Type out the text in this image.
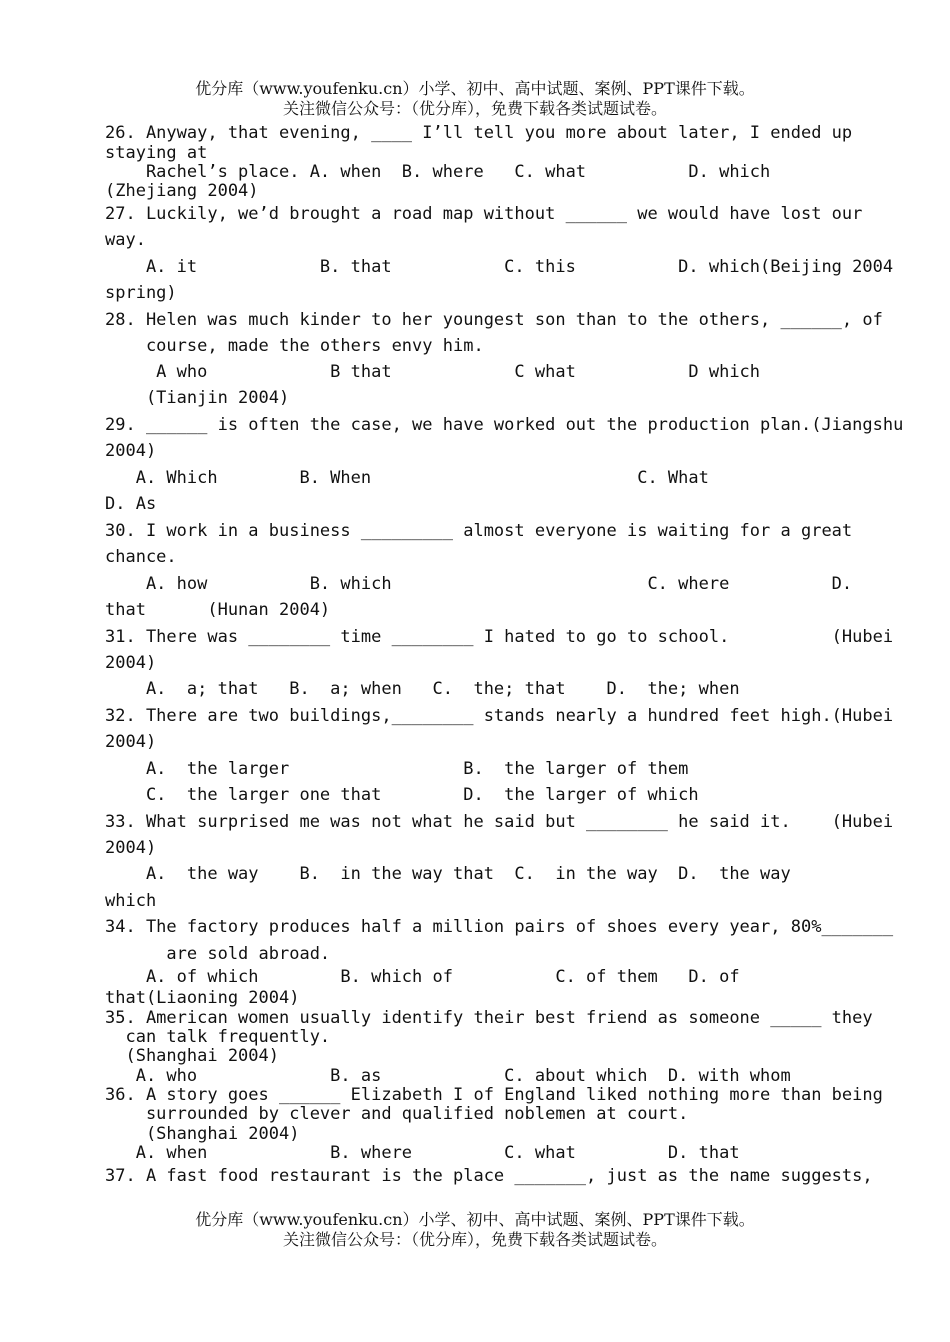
优分库（www.youfenku.cn）小学、初中、高中试题、案例、PPT课件下载。
关注微信公众号：（优分库），免费下载各类试题试卷。
26. Anyway, that evening, ____ I’ll tell you more about later, I ended up
staying at
Rachel’s place. A. when  B. where   C. what          D. which
(Zhejiang 2004)
27. Luckily, we’d brought a road map without ______ we would have lost our
way.
A. it            B. that           C. this          D. which(Beijing 2004
spring)
28. Helen was much kinder to her youngest son than to the others, ______, of
course, made the others envy him.
A who            B that            C what           D which
(Tianjin 2004)
29. ______ is often the case, we have worked out the production plan.(Jiangshu
2004)
A. Which        B. When                          C. What
D. As
30. I work in a business _________ almost everyone is waiting for a great
chance.
A. how          B. which                         C. where          D.
that      (Hunan 2004)
31. There was ________ time ________ I hated to go to school.          (Hubei
2004)
A.  a; that   B.  a; when   C.  the; that    D.  the; when
32. There are two buildings,________ stands nearly a hundred feet high.(Hubei
2004)
A.  the larger                 B.  the larger of them
C.  the larger one that        D.  the larger of which
33. What surprised me was not what he said but ________ he said it.    (Hubei
2004)
A.  the way    B.  in the way that  C.  in the way  D.  the way
which
34. The factory produces half a million pairs of shoes every year, 80%_______
are sold abroad.
A. of which        B. which of          C. of them   D. of
that(Liaoning 2004)
35. American women usually identify their best friend as someone _____ they
can talk frequently.
(Shanghai 2004)
A. who             B. as            C. about which  D. with whom
36. A story goes ______ Elizabeth I of England liked nothing more than being
surrounded by clever and qualified noblemen at court.
(Shanghai 2004)
A. when            B. where         C. what         D. that
37. A fast food restaurant is the place _______, just as the name suggests,
优分库（www.youfenku.cn）小学、初中、高中试题、案例、PPT课件下载。
关注微信公众号：（优分库），免费下载各类试题试卷。
